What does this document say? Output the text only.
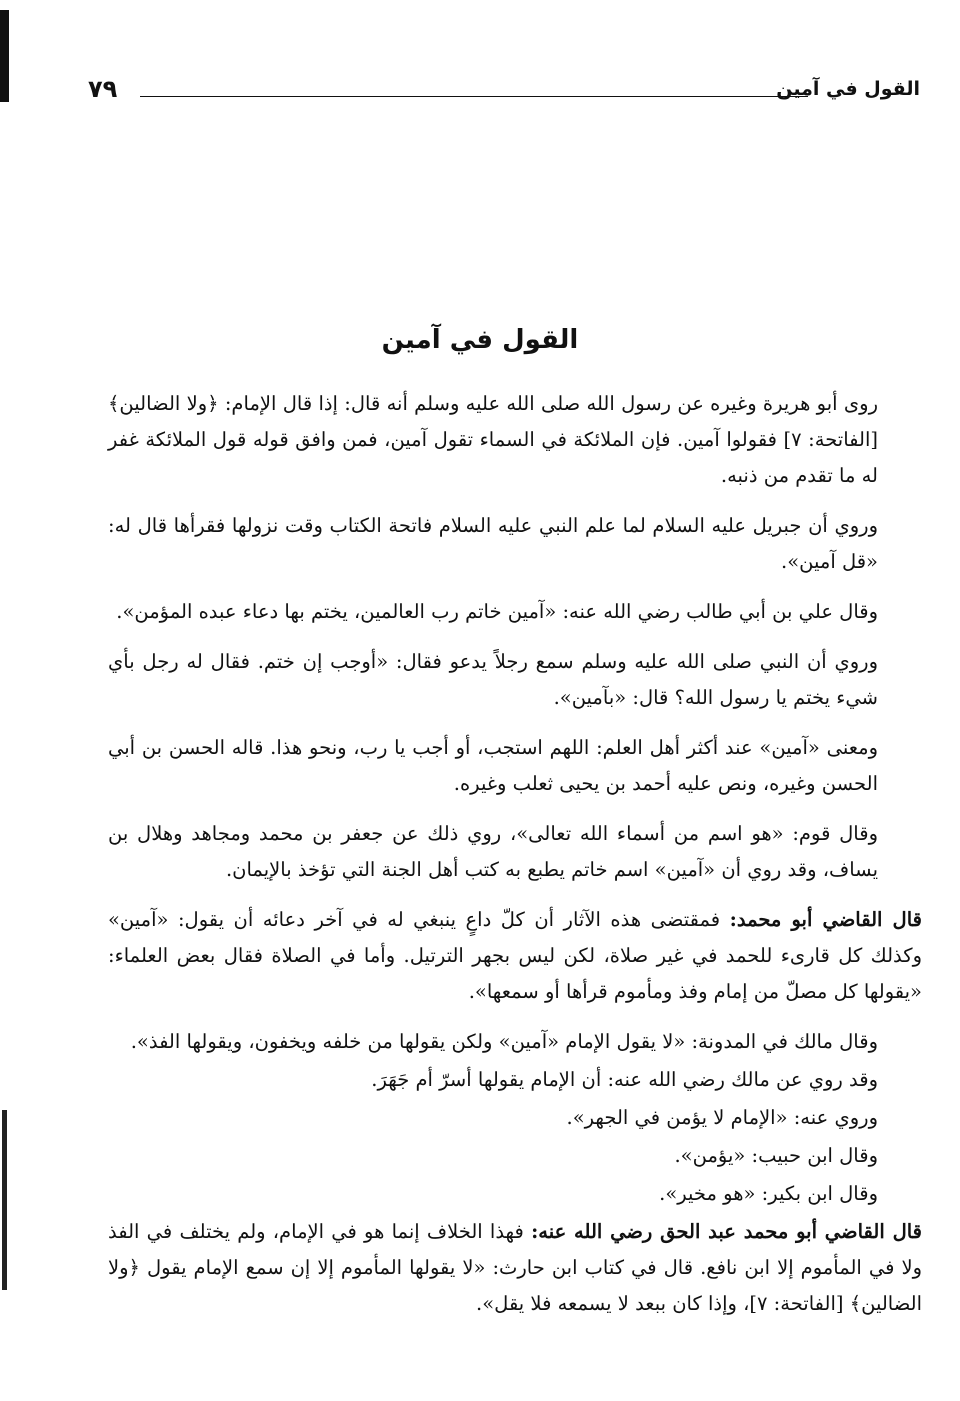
القول في آمين
٧٩
القول في آمين

روى أبو هريرة وغيره عن رسول الله صلى الله عليه وسلم أنه قال: إذا قال الإمام: ﴿ولا الضالين﴾ [الفاتحة: ٧] فقولوا آمين. فإن الملائكة في السماء تقول آمين، فمن وافق قوله قول الملائكة غفر له ما تقدم من ذنبه.

وروي أن جبريل عليه السلام لما علم النبي عليه السلام فاتحة الكتاب وقت نزولها فقرأها قال له: «قل آمين».

وقال علي بن أبي طالب رضي الله عنه: «آمين خاتم رب العالمين، يختم بها دعاء عبده المؤمن».

وروي أن النبي صلى الله عليه وسلم سمع رجلاً يدعو فقال: «أوجب إن ختم. فقال له رجل بأي شيء يختم يا رسول الله؟ قال: «بآمين».

ومعنى «آمين» عند أكثر أهل العلم: اللهم استجب، أو أجب يا رب، ونحو هذا. قاله الحسن بن أبي الحسن وغيره، ونص عليه أحمد بن يحيى ثعلب وغيره.

وقال قوم: «هو اسم من أسماء الله تعالى»، روي ذلك عن جعفر بن محمد ومجاهد وهلال بن يساف، وقد روي أن «آمين» اسم خاتم يطبع به كتب أهل الجنة التي تؤخذ بالإيمان.

قال القاضي أبو محمد: فمقتضى هذه الآثار أن كلّ داعٍ ينبغي له في آخر دعائه أن يقول: «آمين» وكذلك كل قارىء للحمد في غير صلاة، لكن ليس بجهر الترتيل. وأما في الصلاة فقال بعض العلماء: «يقولها كل مصلّ من إمام وفذ ومأموم قرأها أو سمعها».

وقال مالك في المدونة: «لا يقول الإمام «آمين» ولكن يقولها من خلفه ويخفون، ويقولها الفذ».

وقد روي عن مالك رضي الله عنه: أن الإمام يقولها أسرّ أم جَهَرَ.

وروي عنه: «الإمام لا يؤمن في الجهر».

وقال ابن حبيب: «يؤمن».

وقال ابن بكير: «هو مخير».

قال القاضي أبو محمد عبد الحق رضي الله عنه: فهذا الخلاف إنما هو في الإمام، ولم يختلف في الفذ ولا في المأموم إلا ابن نافع. قال في كتاب ابن حارث: «لا يقولها المأموم إلا إن سمع الإمام يقول ﴿ولا الضالين﴾ [الفاتحة: ٧]، وإذا كان ببعد لا يسمعه فلا يقل».
